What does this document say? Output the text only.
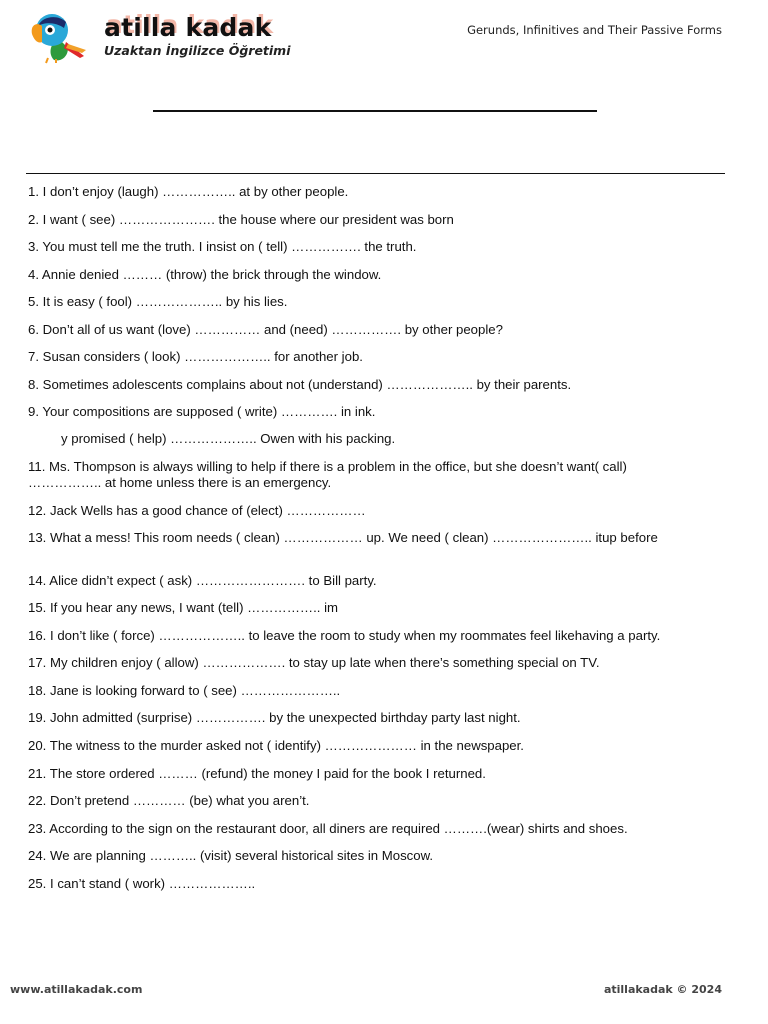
atilla kadak
Uzaktan İngilizce Öğretimi
Gerunds, Infinitives and Their Passive Forms
1. I don’t enjoy (laugh) …………….. at by other people.
2. I want ( see) …………………. the house where our president was born
3. You must tell me the truth. I insist on ( tell) ……………. the truth.
4. Annie denied ……… (throw) the brick through the window.
5. It is easy ( fool) ……………….. by his lies.
6. Don’t all of us want (love) …………… and (need) ……………. by other people?
7. Susan considers ( look) ……………….. for another job.
8. Sometimes adolescents complains about not (understand) ……………….. by their parents.
9. Your compositions are supposed ( write) …………. in ink.
y promised ( help) ……………….. Owen with his packing.
11. Ms. Thompson is always willing to help if there is a problem in the office, but she doesn’t want( call) …………….. at home unless there is an emergency.
12. Jack Wells has a good chance of (elect) ………………
13. What a mess! This room needs ( clean) ……………… up. We need ( clean) ………………….. itup before
14. Alice didn’t expect ( ask) ……………………. to Bill party.
15. If you hear any news, I want (tell) …………….. im
16. I don’t like ( force) ……………….. to leave the room to study when my roommates feel likehaving a party.
17. My children enjoy ( allow) ………………. to stay up late when there’s something special on TV.
18. Jane is looking forward to ( see) …………………..
19. John admitted (surprise) ……………. by the unexpected birthday party last night.
20. The witness to the murder asked not ( identify) ………………… in the newspaper.
21. The store ordered ……… (refund) the money I paid for the book I returned.
22. Don’t pretend ………… (be) what you aren’t.
23. According to the sign on the restaurant door, all diners are required ……….(wear) shirts and shoes.
24. We are planning ……….. (visit) several historical sites in Moscow.
25. I can’t stand ( work) ………………..
www.atillakadak.com	atillakadak © 2024
